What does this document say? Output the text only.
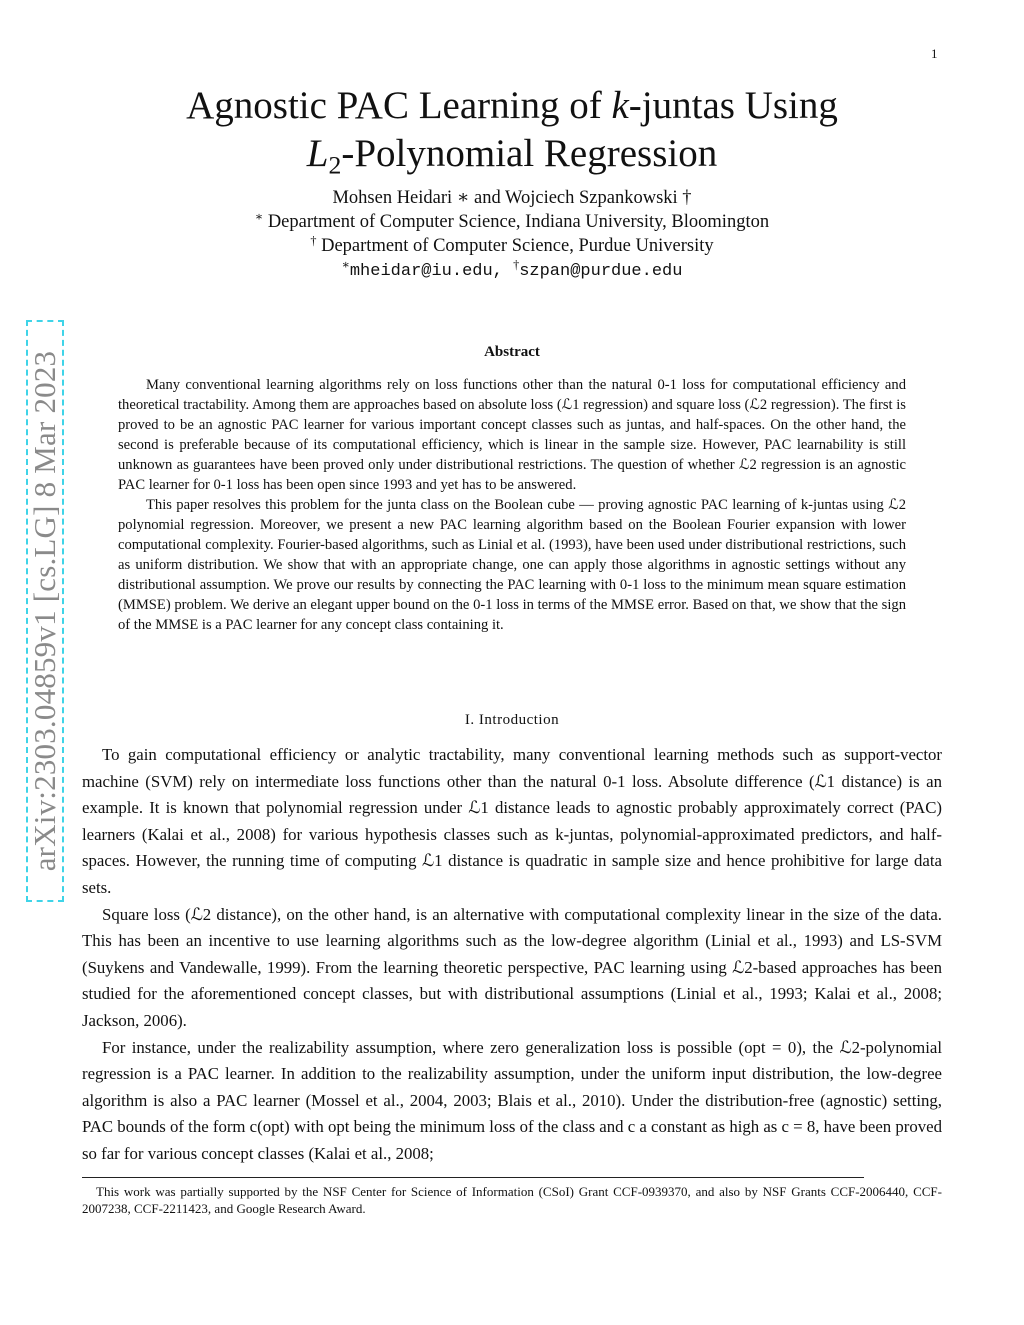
1
arXiv:2303.04859v1 [cs.LG] 8 Mar 2023
Agnostic PAC Learning of k-juntas Using
$L_2$-Polynomial Regression
Mohsen Heidari ∗ and Wojciech Szpankowski †
∗ Department of Computer Science, Indiana University, Bloomington
† Department of Computer Science, Purdue University
∗mheidar@iu.edu, †szpan@purdue.edu
Abstract

Many conventional learning algorithms rely on loss functions other than the natural 0-1 loss for computational efficiency and theoretical tractability. Among them are approaches based on absolute loss (ℒ1 regression) and square loss (ℒ2 regression). The first is proved to be an agnostic PAC learner for various important concept classes such as juntas, and half-spaces. On the other hand, the second is preferable because of its computational efficiency, which is linear in the sample size. However, PAC learnability is still unknown as guarantees have been proved only under distributional restrictions. The question of whether ℒ2 regression is an agnostic PAC learner for 0-1 loss has been open since 1993 and yet has to be answered.

This paper resolves this problem for the junta class on the Boolean cube — proving agnostic PAC learning of k-juntas using ℒ2 polynomial regression. Moreover, we present a new PAC learning algorithm based on the Boolean Fourier expansion with lower computational complexity. Fourier-based algorithms, such as Linial et al. (1993), have been used under distributional restrictions, such as uniform distribution. We show that with an appropriate change, one can apply those algorithms in agnostic settings without any distributional assumption. We prove our results by connecting the PAC learning with 0-1 loss to the minimum mean square estimation (MMSE) problem. We derive an elegant upper bound on the 0-1 loss in terms of the MMSE error. Based on that, we show that the sign of the MMSE is a PAC learner for any concept class containing it.

I. Introduction

To gain computational efficiency or analytic tractability, many conventional learning methods such as support-vector machine (SVM) rely on intermediate loss functions other than the natural 0-1 loss. Absolute difference (ℒ1 distance) is an example. It is known that polynomial regression under ℒ1 distance leads to agnostic probably approximately correct (PAC) learners (Kalai et al., 2008) for various hypothesis classes such as k-juntas, polynomial-approximated predictors, and half-spaces. However, the running time of computing ℒ1 distance is quadratic in sample size and hence prohibitive for large data sets.

Square loss (ℒ2 distance), on the other hand, is an alternative with computational complexity linear in the size of the data. This has been an incentive to use learning algorithms such as the low-degree algorithm (Linial et al., 1993) and LS-SVM (Suykens and Vandewalle, 1999). From the learning theoretic perspective, PAC learning using ℒ2-based approaches has been studied for the aforementioned concept classes, but with distributional assumptions (Linial et al., 1993; Kalai et al., 2008; Jackson, 2006).

For instance, under the realizability assumption, where zero generalization loss is possible (opt = 0), the ℒ2-polynomial regression is a PAC learner. In addition to the realizability assumption, under the uniform input distribution, the low-degree algorithm is also a PAC learner (Mossel et al., 2004, 2003; Blais et al., 2010). Under the distribution-free (agnostic) setting, PAC bounds of the form c(opt) with opt being the minimum loss of the class and c a constant as high as c = 8, have been proved so far for various concept classes (Kalai et al., 2008;

This work was partially supported by the NSF Center for Science of Information (CSoI) Grant CCF-0939370, and also by NSF Grants CCF-2006440, CCF-2007238, CCF-2211423, and Google Research Award.
